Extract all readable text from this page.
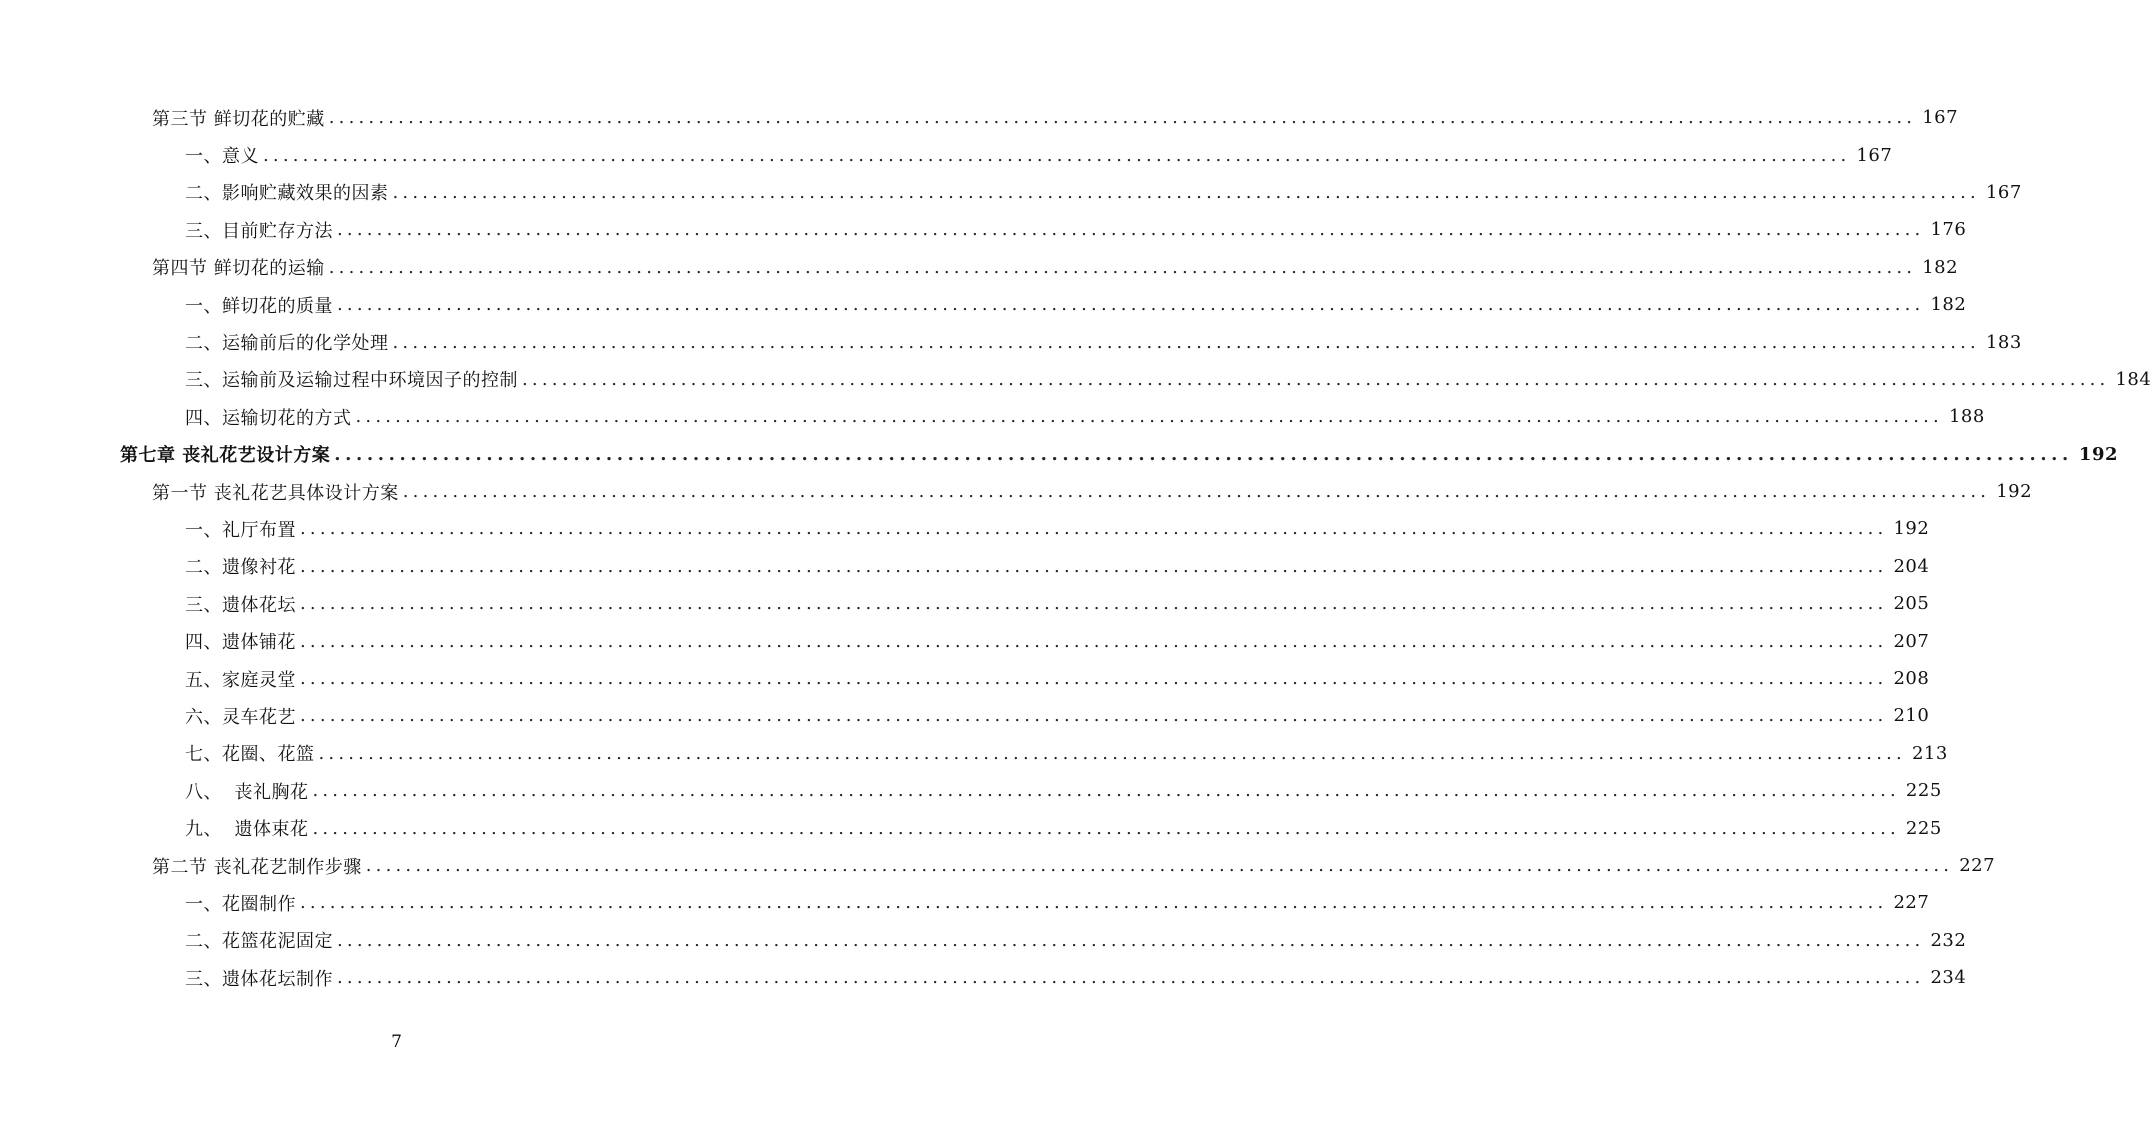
第三节 鲜切花的贮藏 ................................................................................................................................................................ 167
一、意义 ................................................................................................................................................................ 167
二、影响贮藏效果的因素 ................................................................................................................................................................ 167
三、目前贮存方法 ................................................................................................................................................................ 176
第四节 鲜切花的运输 ................................................................................................................................................................ 182
一、鲜切花的质量 ................................................................................................................................................................ 182
二、运输前后的化学处理 ................................................................................................................................................................ 183
三、运输前及运输过程中环境因子的控制 ................................................................................................................................................................ 184
四、运输切花的方式 ................................................................................................................................................................ 188
第七章 丧礼花艺设计方案 ................................................................................................................................................................ 192
第一节 丧礼花艺具体设计方案 ................................................................................................................................................................ 192
一、礼厅布置 ................................................................................................................................................................ 192
二、遗像衬花 ................................................................................................................................................................ 204
三、遗体花坛 ................................................................................................................................................................ 205
四、遗体铺花 ................................................................................................................................................................ 207
五、家庭灵堂 ................................................................................................................................................................ 208
六、灵车花艺 ................................................................................................................................................................ 210
七、花圈、花篮 ................................................................................................................................................................ 213
八、  丧礼胸花 ................................................................................................................................................................ 225
九、  遗体束花 ................................................................................................................................................................ 225
第二节 丧礼花艺制作步骤 ................................................................................................................................................................ 227
一、花圈制作 ................................................................................................................................................................ 227
二、花篮花泥固定 ................................................................................................................................................................ 232
三、遗体花坛制作 ................................................................................................................................................................ 234
7
